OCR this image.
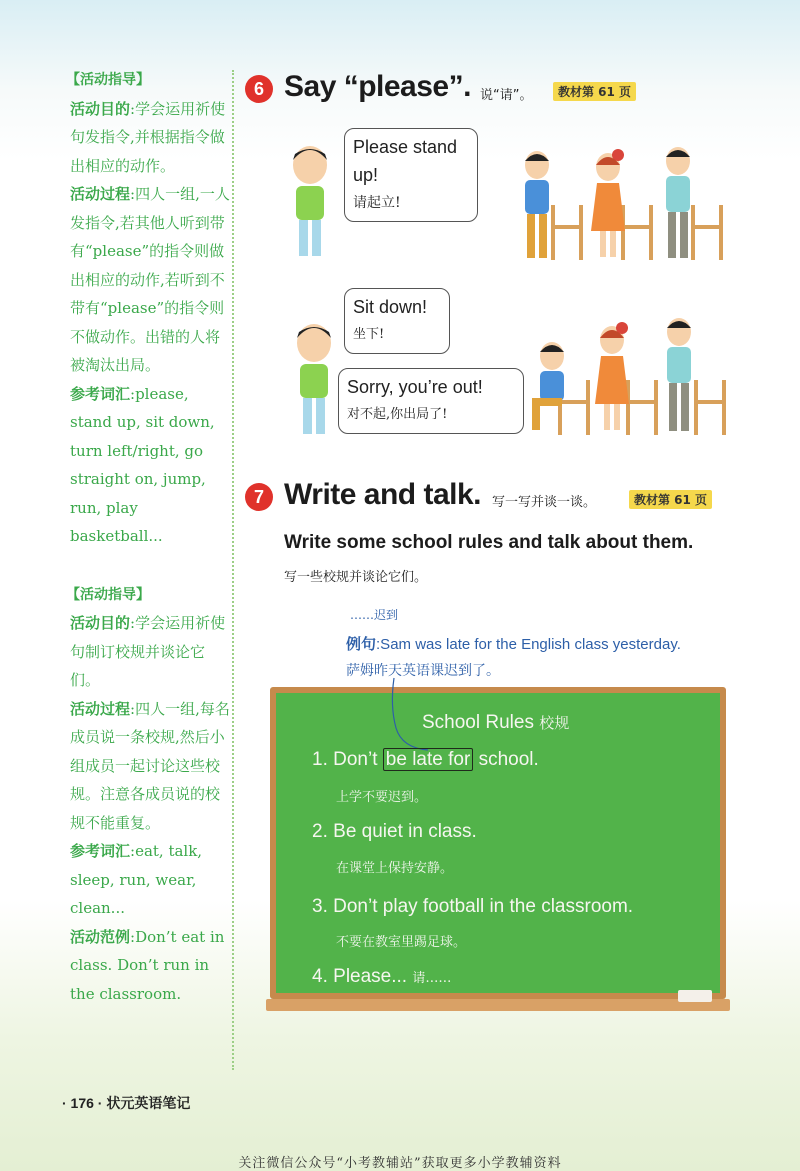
【活动指导】
活动目的:学会运用祈使句发指令,并根据指令做出相应的动作。
活动过程:四人一组,一人发指令,若其他人听到带有“please”的指令则做出相应的动作,若听到不带有“please”的指令则不做动作。出错的人将被淘汰出局。
参考词汇:please, stand up, sit down, turn left/right, go straight on, jump, run, play basketball...
【活动指导】
活动目的:学会运用祈使句制订校规并谈论它们。
活动过程:四人一组,每名成员说一条校规,然后小组成员一起讨论这些校规。注意各成员说的校规不能重复。
参考词汇:eat, talk, sleep, run, wear, clean...
活动范例:Don’t eat in class. Don’t run in the classroom.
6 Say “please”. 说“请”。	教材第 61 页
Please stand up!
请起立!
Sit down!
坐下!
Sorry, you’re out!
对不起,你出局了!
7 Write and talk. 写一写并谈一谈。	教材第 61 页
Write some school rules and talk about them.
写一些校规并谈论它们。
……迟到
例句:Sam was late for the English class yesterday.
萨姆昨天英语课迟到了。
School Rules 校规
1. Don’t be late for school.
上学不要迟到。
2. Be quiet in class.
在课堂上保持安静。
3. Don’t play football in the classroom.
不要在教室里踢足球。
4. Please... 请……
· 176 · 状元英语笔记
关注微信公众号“小考教辅站”获取更多小学教辅资料
